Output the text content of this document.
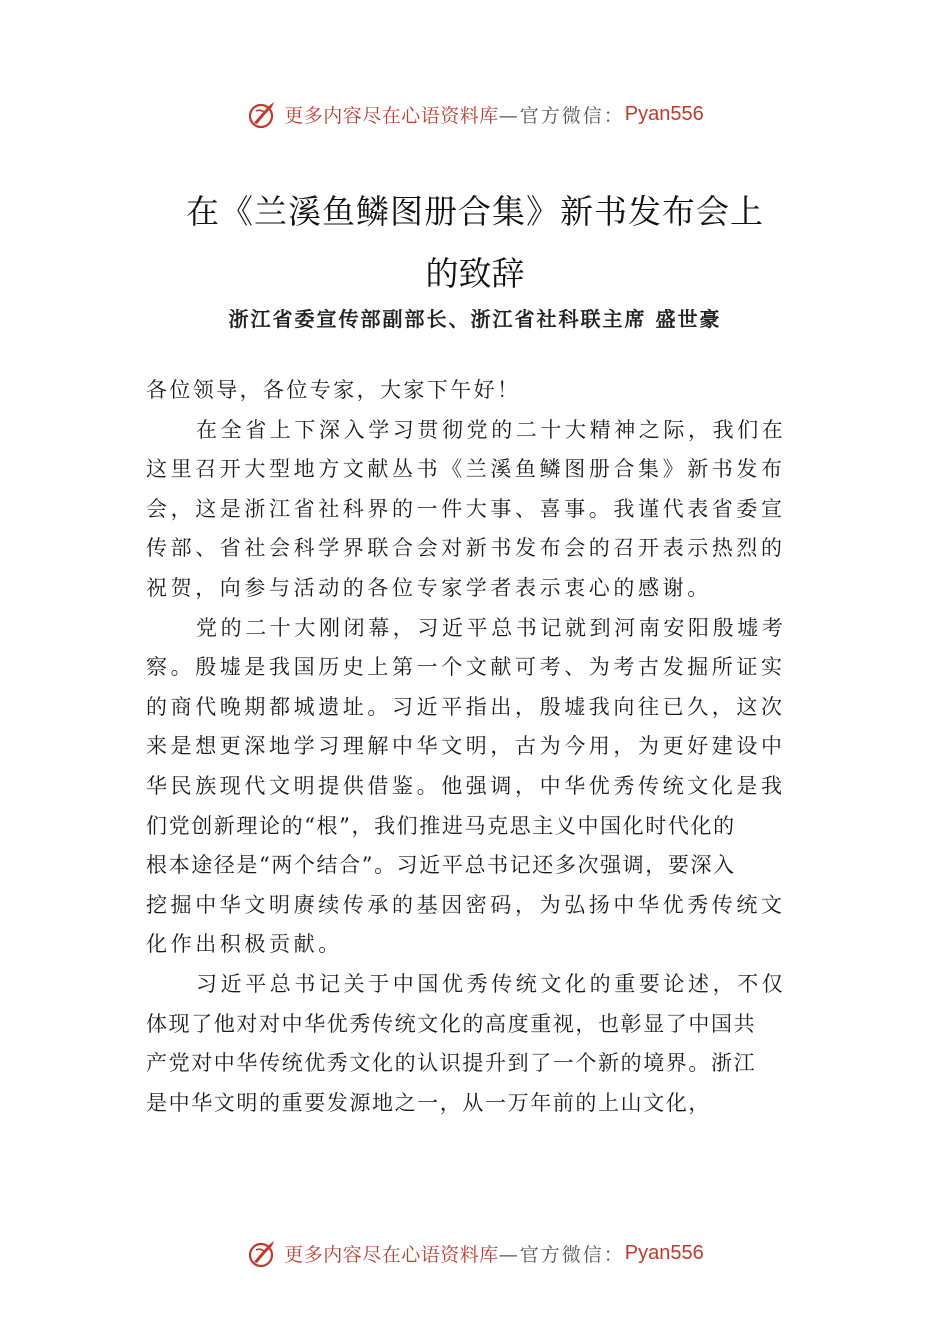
更多内容尽在心语资料库 —官方微信： Pyan556
在《兰溪鱼鳞图册合集》新书发布会上
的致辞
浙江省委宣传部副部长、浙江省社科联主席 盛世豪
各位领导，各位专家，大家下午好！
在全省上下深入学习贯彻党的二十大精神之际，我们在
这里召开大型地方文献丛书《兰溪鱼鳞图册合集》新书发布
会，这是浙江省社科界的一件大事、喜事。我谨代表省委宣
传部、省社会科学界联合会对新书发布会的召开表示热烈的
祝贺，向参与活动的各位专家学者表示衷心的感谢。
党的二十大刚闭幕，习近平总书记就到河南安阳殷墟考
察。殷墟是我国历史上第一个文献可考、为考古发掘所证实
的商代晚期都城遗址。习近平指出，殷墟我向往已久，这次
来是想更深地学习理解中华文明，古为今用，为更好建设中
华民族现代文明提供借鉴。他强调，中华优秀传统文化是我
们党创新理论的“根”，我们推进马克思主义中国化时代化的
根本途径是“两个结合”。习近平总书记还多次强调，要深入
挖掘中华文明赓续传承的基因密码，为弘扬中华优秀传统文
化作出积极贡献。
习近平总书记关于中国优秀传统文化的重要论述，不仅
体现了他对对中华优秀传统文化的高度重视，也彰显了中国共
产党对中华传统优秀文化的认识提升到了一个新的境界。浙江
是中华文明的重要发源地之一，从一万年前的上山文化，
更多内容尽在心语资料库 —官方微信： Pyan556
